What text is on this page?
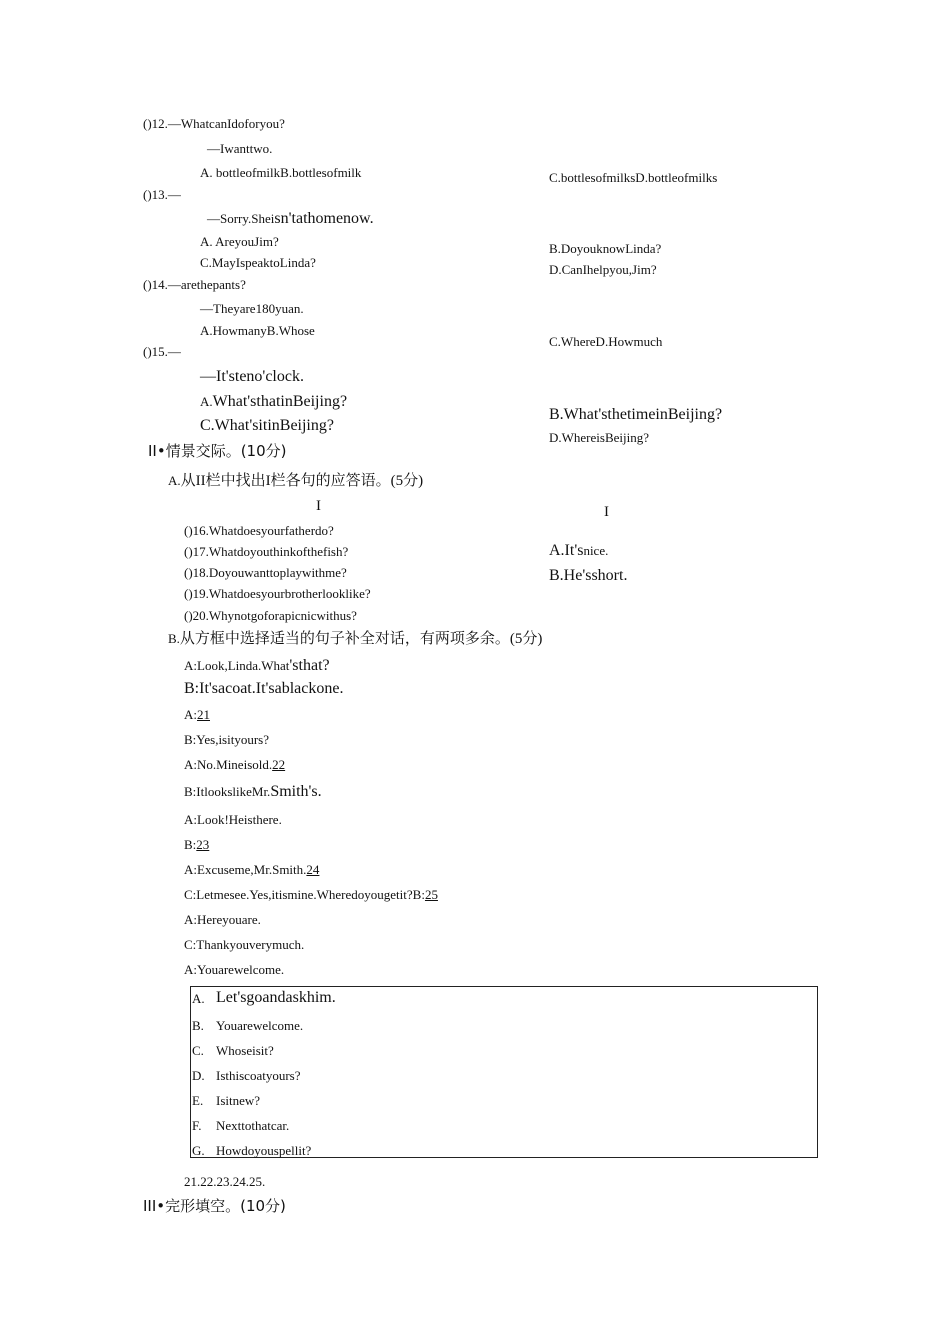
()12.—WhatcanIdoforyou?
—Iwanttwo.
A. bottleofmilkB.bottlesofmilk	C.bottlesofmilksD.bottleofmilks
()13.—
—Sorry.Sheisn'tathomenow.
A. AreyouJim?	B.DoyouknowLinda?
C.MayIspeaktoLinda?	D.CanIhelpyou,Jim?
()14.—arethepants?
—Theyare180yuan.
A.HowmanyB.Whose
C.WhereD.Howmuch
()15.—
—It'steno'clock.
A.What'sthatinBeijing?
B.What'sthetimeinBeijing?
C.What'sitinBeijing?
D.WhereisBeijing?
II•情景交际。(10分)
A.从II栏中找出I栏各句的应答语。(5分)
I	I
()16.Whatdoesyourfatherdo?
()17.Whatdoyouthinkofthefish?
()18.Doyouwanttoplaywithme?
()19.Whatdoesyourbrotherlooklike?
()20.Whynotgoforapicnicwithus?
A.It'snice.
B.He'sshort.
B.从方框中选择适当的句子补全对话，有两项多余。(5分)
A:Look,Linda.What'sthat?
B:It'sacoat.It'sablackone.
A:21
B:Yes,isityours?
A:No.Mineisold.22
B:ItlookslikeMr.Smith's.
A:Look!Heisthere.
B:23
A:Excuseme,Mr.Smith.24
C:Letmesee.Yes,itismine.Wheredoyougetit?B:25
A:Hereyouare.
C:Thankyouverymuch.
A:Youarewelcome.
A. Let'sgoandaskhim.
B. Youarewelcome.
C. Whoseisit?
D. Isthiscoatyours?
E. Isitnew?
F. Nexttothatcar.
G. Howdoyouspellit?
21.22.23.24.25.
III•完形填空。(10分)
